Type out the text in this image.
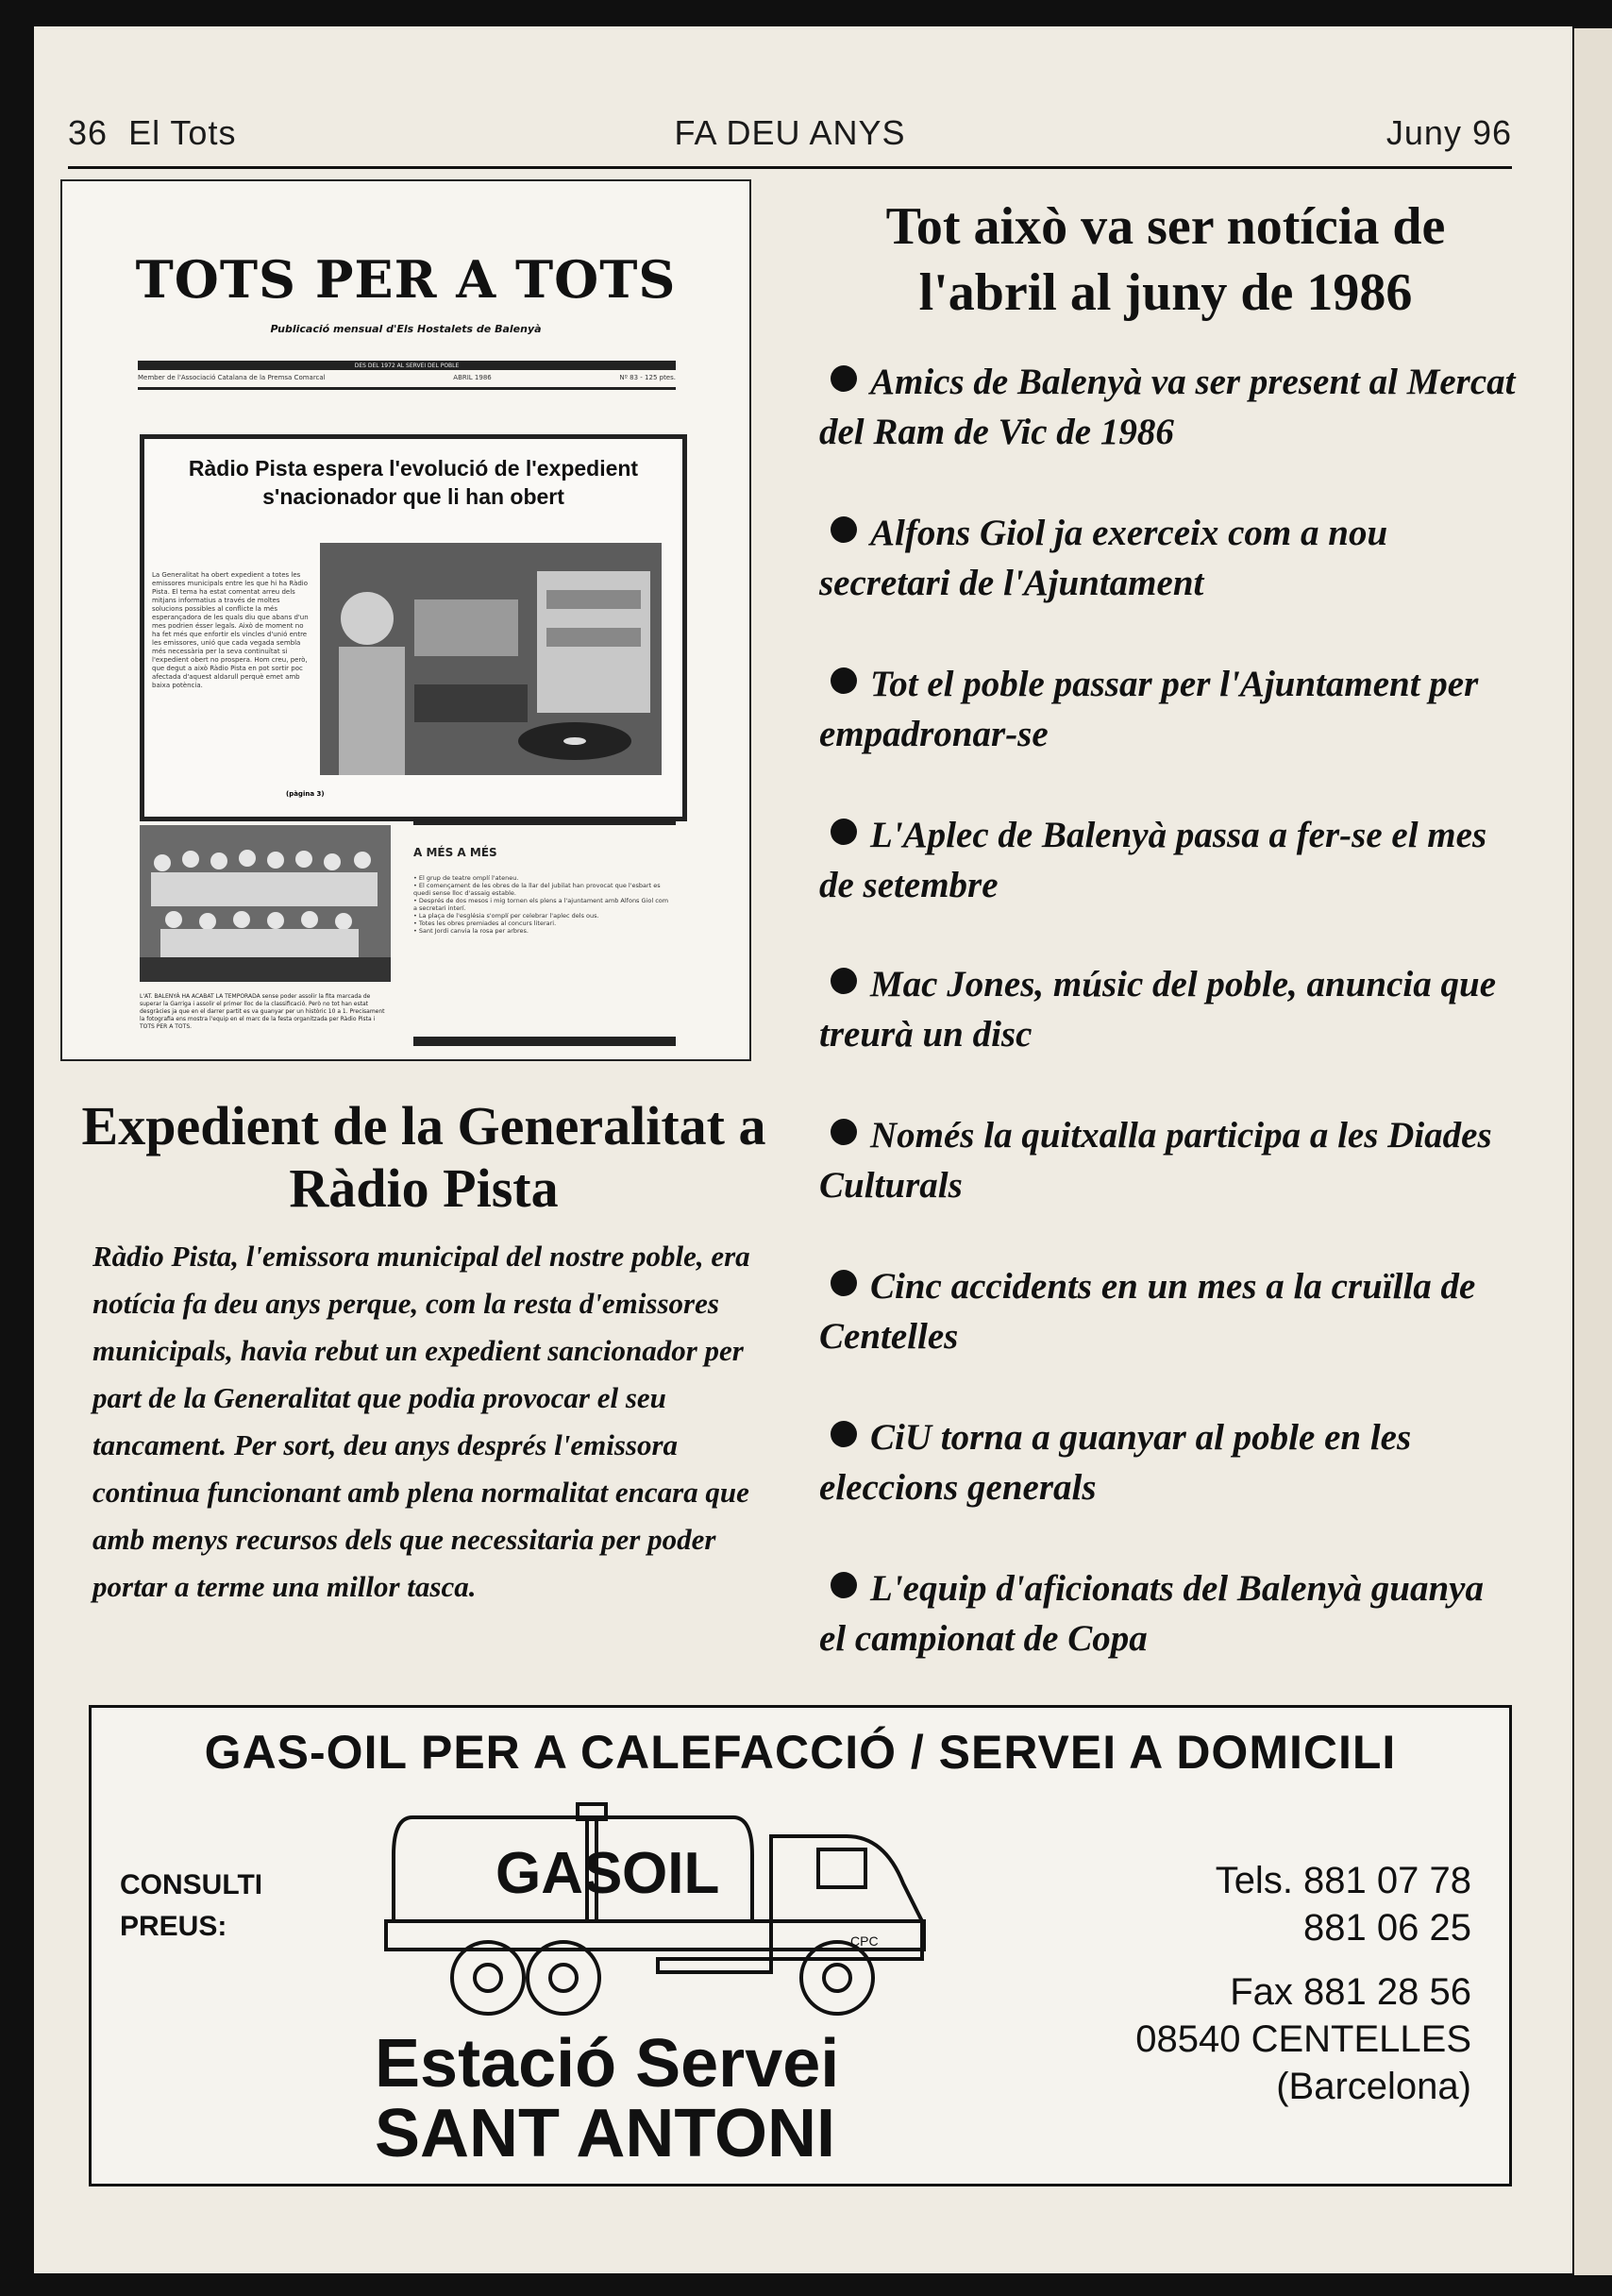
36 El Tots	FA DEU ANYS	Juny 96
TOTS PER A TOTS
Publicació mensual d'Els Hostalets de Balenyà
DES DEL 1972 AL SERVEI DEL POBLE
Member de l'Associació Catalana de la Premsa Comarcal	ABRIL 1986	Nº 83 - 125 ptes.
Ràdio Pista espera l'evolució de l'expedient s'nacionador que li han obert
La Generalitat ha obert expedient a totes les emissores municipals entre les que hi ha Ràdio Pista. El tema ha estat comentat arreu dels mitjans informatius a través de moltes solucions possibles al conflicte la més esperançadora de les quals diu que abans d'un mes podrien ésser legals. Això de moment no ha fet més que enfortir els vincles d'unió entre les emissores, unió que cada vegada sembla més necessària per la seva continuïtat si l'expedient obert no prospera. Hom creu, però, que degut a això Ràdio Pista en pot sortir poc afectada d'aquest aldarull perquè emet amb baixa potència.
(pàgina 3)
L'AT. BALENYÀ HA ACABAT LA TEMPORADA sense poder assolir la fita marcada de superar la Garriga i assolir el primer lloc de la classificació. Però no tot han estat desgràcies ja que en el darrer partit es va guanyar per un històric 10 a 1. Precisament la fotografia ens mostra l'equip en el marc de la festa organitzada per Ràdio Pista i TOTS PER A TOTS.
A MÉS A MÉS
• El grup de teatre omplí l'ateneu.
• El començament de les obres de la llar del jubilat han provocat que l'esbart es quedi sense lloc d'assaig estable.
• Després de dos mesos i mig tornen els plens a l'ajuntament amb Alfons Giol com a secretari interí.
• La plaça de l'església s'omplí per celebrar l'aplec dels ous.
• Totes les obres premiades al concurs literari.
• Sant Jordi canvia la rosa per arbres.
Expedient de la Generalitat a Ràdio Pista
Ràdio Pista, l'emissora municipal del nostre poble, era notícia fa deu anys perque, com la resta d'emissores municipals, havia rebut un expedient sancionador per part de la Generalitat que podia provocar el seu tancament. Per sort, deu anys després l'emissora continua funcionant amb plena normalitat encara que amb menys recursos dels que necessitaria per poder portar a terme una millor tasca.
Tot això va ser notícia de l'abril al juny de 1986
Amics de Balenyà va ser present al Mercat del Ram de Vic de 1986
Alfons Giol ja exerceix com a nou secretari de l'Ajuntament
Tot el poble passar per l'Ajuntament per empadronar-se
L'Aplec de Balenyà passa a fer-se el mes de setembre
Mac Jones, músic del poble, anuncia que treurà un disc
Només la quitxalla participa a les Diades Culturals
Cinc accidents en un mes a la cruïlla de Centelles
CiU torna a guanyar al poble en les eleccions generals
L'equip d'aficionats del Balenyà guanya el campionat de Copa
GAS-OIL PER A CALEFACCIÓ / SERVEI A DOMICILI
CONSULTI
PREUS:
GAS OIL
CPC
Estació Servei
SANT ANTONI
Tels. 881 07 78
881 06 25
Fax 881 28 56
08540 CENTELLES
(Barcelona)
